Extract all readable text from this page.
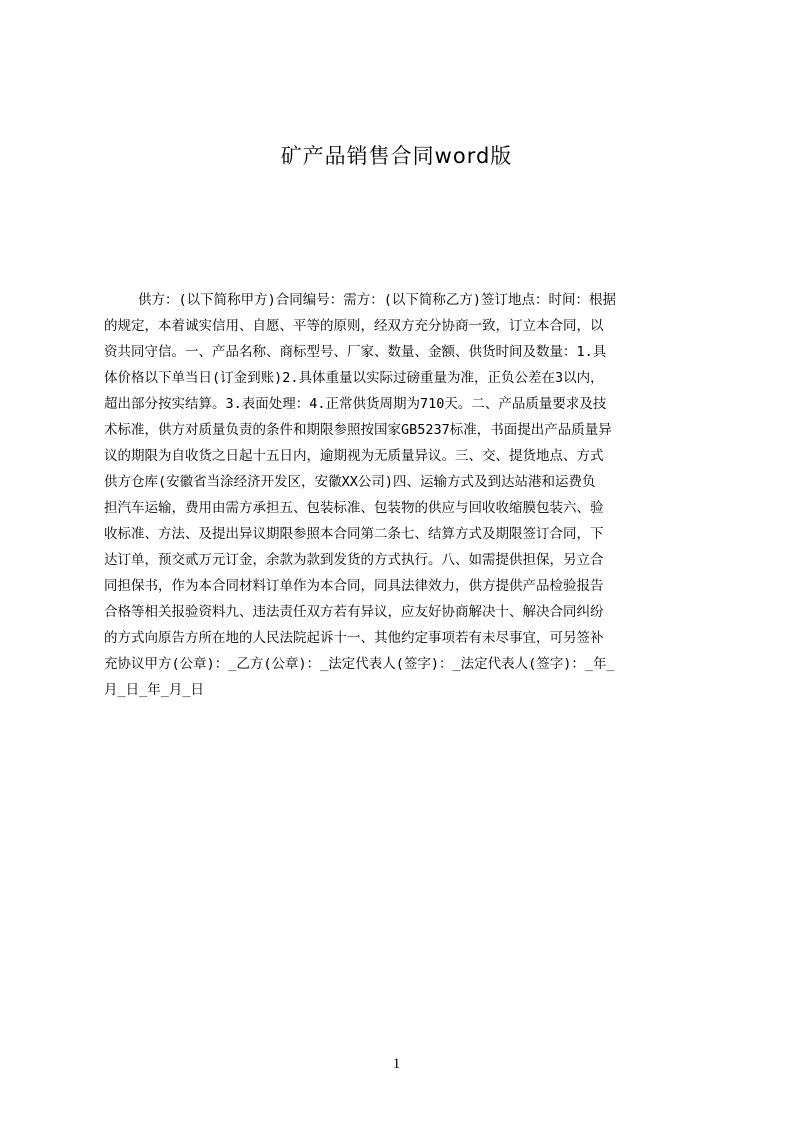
矿产品销售合同word版
供方：(以下简称甲方)合同编号：需方：(以下简称乙方)签订地点：时间：根据
的规定，本着诚实信用、自愿、平等的原则，经双方充分协商一致，订立本合同，以
资共同守信。一、产品名称、商标型号、厂家、数量、金额、供货时间及数量：1.具
体价格以下单当日(订金到账)2.具体重量以实际过磅重量为准，正负公差在3以内，
超出部分按实结算。3.表面处理：4.正常供货周期为710天。二、产品质量要求及技
术标准，供方对质量负责的条件和期限参照按国家GB5237标准，书面提出产品质量异
议的期限为自收货之日起十五日内，逾期视为无质量异议。三、交、提货地点、方式
供方仓库(安徽省当涂经济开发区，安徽XX公司)四、运输方式及到达站港和运费负
担汽车运输，费用由需方承担五、包装标准、包装物的供应与回收收缩膜包装六、验
收标准、方法、及提出异议期限参照本合同第二条七、结算方式及期限签订合同，下
达订单，预交贰万元订金，余款为款到发货的方式执行。八、如需提供担保，另立合
同担保书，作为本合同材料订单作为本合同，同具法律效力，供方提供产品检验报告
合格等相关报验资料九、违法责任双方若有异议，应友好协商解决十、解决合同纠纷
的方式向原告方所在地的人民法院起诉十一、其他约定事项若有未尽事宜，可另签补
充协议甲方(公章)：_乙方(公章)：_法定代表人(签字)：_法定代表人(签字)：_年_
月_日_年_月_日
1
